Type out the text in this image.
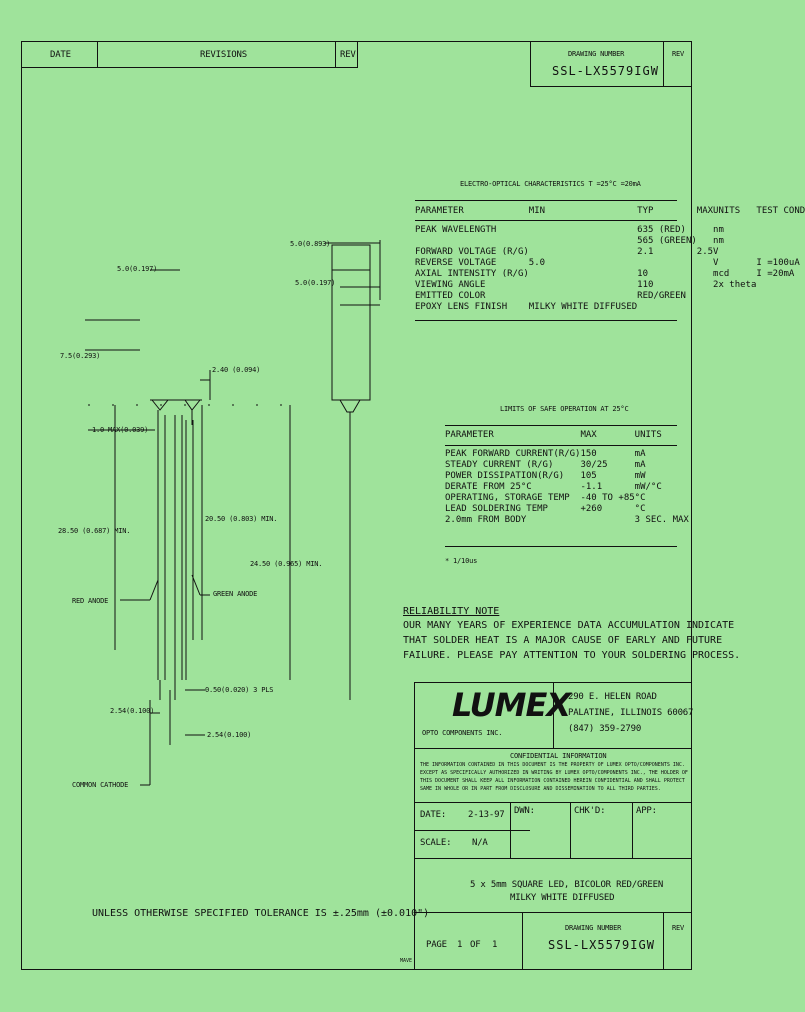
DATE	REVISIONS	REV	DRAWING NUMBER	REV
SSL-LX5579IGW
5.0(0.197)
5.0(0.893)
5.0(0.197)
7.5(0.293)
2.40 (0.094)
1.0 MAX(0.039)
28.50 (0.687) MIN.
20.50 (0.803) MIN.
24.50 (0.965) MIN.
RED ANODE
GREEN ANODE
0.50(0.020) 3 PLS
2.54(0.100)
2.54(0.100)
COMMON CATHODE
ELECTRO-OPTICAL CHARACTERISTICS T =25°C =20mA
PARAMETER	MIN	TYP	MAX	UNITS	TEST COND

PEAK WAVELENGTH		635 (RED)		nm	
		565 (GREEN)		nm	
FORWARD VOLTAGE (R/G)		2.1	2.5	V	
REVERSE VOLTAGE	5.0			V	I =100uA
AXIAL INTENSITY (R/G)		10		mcd	I =20mA
VIEWING ANGLE		110		2x theta	
EMITTED COLOR		RED/GREEN			
EPOXY LENS FINISH	MILKY WHITE DIFFUSED				
LIMITS OF SAFE OPERATION AT 25°C
PARAMETER	MAX	UNITS

PEAK FORWARD CURRENT(R/G)	150	mA
STEADY CURRENT (R/G)	30/25	mA
POWER DISSIPATION(R/G)	105	mW
DERATE FROM 25°C	-1.1	mW/°C
OPERATING, STORAGE TEMP	-40 TO +85	°C
LEAD SOLDERING TEMP	+260	°C
2.0mm FROM BODY		3 SEC. MAX
* 1/10us
RELIABILITY NOTE
OUR MANY YEARS OF EXPERIENCE DATA ACCUMULATION INDICATE
THAT SOLDER HEAT IS A MAJOR CAUSE OF EARLY AND FUTURE
FAILURE. PLEASE PAY ATTENTION TO YOUR SOLDERING PROCESS.
LUMEX
OPTO COMPONENTS INC.
290 E. HELEN ROAD
PALATINE, ILLINOIS 60067
(847) 359-2790
CONFIDENTIAL INFORMATION
THE INFORMATION CONTAINED IN THIS DOCUMENT IS THE PROPERTY OF LUMEX OPTO/COMPONENTS INC.
EXCEPT AS SPECIFICALLY AUTHORIZED IN WRITING BY LUMEX OPTO/COMPONENTS INC., THE HOLDER OF
THIS DOCUMENT SHALL KEEP ALL INFORMATION CONTAINED HEREIN CONFIDENTIAL AND SHALL PROTECT
SAME IN WHOLE OR IN PART FROM DISCLOSURE AND DISSEMINATION TO ALL THIRD PARTIES.
DATE: 2-13-97 DWN:	CHK'D:	APP:
SCALE: N/A
5 x 5mm SQUARE LED, BICOLOR RED/GREEN
MILKY WHITE DIFFUSED
DRAWING NUMBER	REV
PAGE 1 OF 1	SSL-LX5579IGW
UNLESS OTHERWISE SPECIFIED TOLERANCE IS ±.25mm (±0.010")
MAVE
